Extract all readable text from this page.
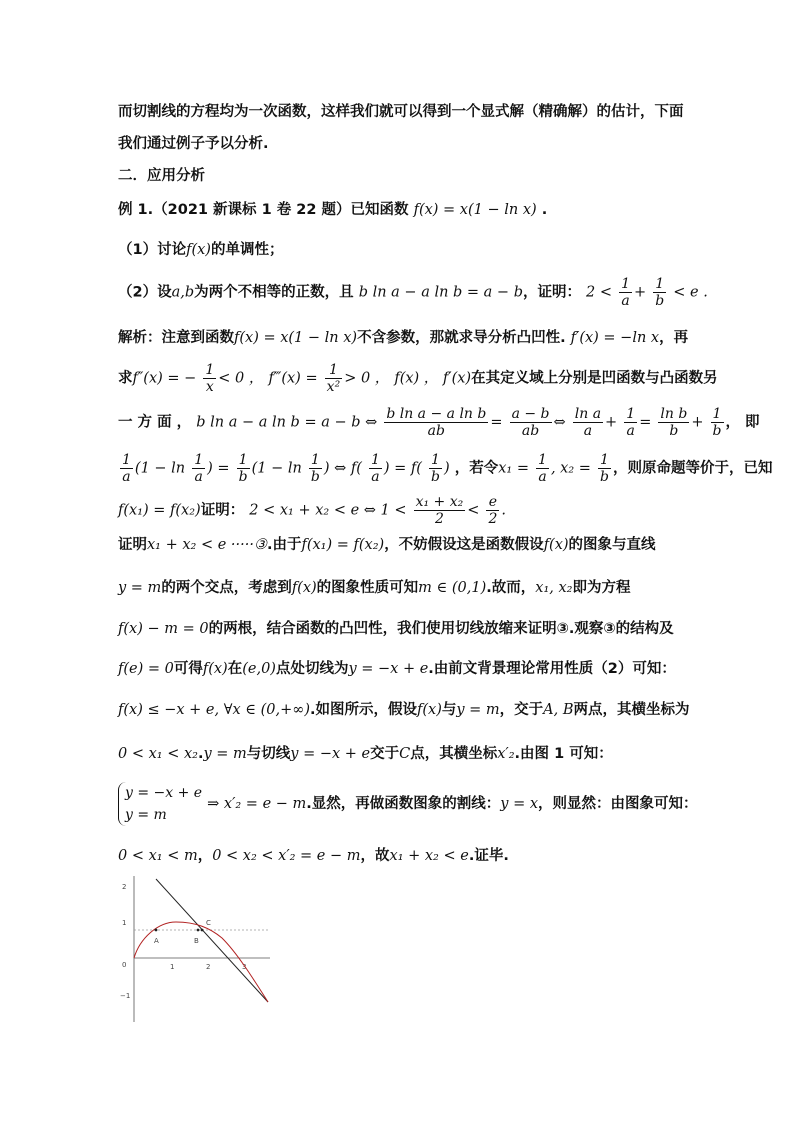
而切割线的方程均为一次函数，这样我们就可以得到一个显式解（精确解）的估计，下面
我们通过例子予以分析.
二．应用分析
例 1.（2021 新课标 1 卷 22 题）已知函数 f(x) = x(1 − ln x) .
（1）讨论f(x)的单调性；
（2）设a,b为两个不相等的正数，且 b ln a − a ln b = a − b，证明： $2 < \frac{1}{a} + \frac{1}{b} < e$ .
解析：注意到函数f(x) = x(1 − ln x)不含参数，那就求导分析凸凹性. f′(x) = −ln x，再
求f″(x) = − $\frac{1}{x} < 0$ ， f‴(x) = $\frac{1}{\text{x²}} > 0$ ， f(x) ， f′(x)在其定义域上分别是凹函数与凸函数另
一 方 面 ， b ln a − a ln b = a − b ⇔ $\frac{\text{b ln a − a ln b}}{ab} = \frac{a - b}{ab}$ ⇔ $\frac{\text{ln a}}{a} + \frac{1}{a} = \frac{\text{ln b}}{b} + \frac{1}{b}$ ， 即
$\frac{1}{a} (1 - \ln \frac{1}{a}$ ) = $\frac{1}{b} (1 - \ln \frac{1}{b}$ ) ⇔ $f( \frac{1}{a}$ ) = $f( \frac{1}{b}$ ) ，若令$x_1 = \frac{1}{a}$ , $x_2 = \frac{1}{b}$ ，则原命题等价于，已知
f(x₁) = f(x₂)证明： 2 < x₁ + x₂ < e ⇔ $1 < \frac{\text{x₁ + x₂}}{2} < \frac{e}{2}$ .
证明x₁ + x₂ < e ·····③.由于f(x₁) = f(x₂)，不妨假设这是函数假设f(x)的图象与直线
y = m的两个交点，考虑到f(x)的图象性质可知m ∈ (0,1).故而，x₁, x₂即为方程
f(x) − m = 0的两根，结合函数的凸凹性，我们使用切线放缩来证明③.观察③的结构及
f(e) = 0可得f(x)在(e,0)点处切线为y = −x + e.由前文背景理论常用性质（2）可知：
f(x) ≤ −x + e, ∀x ∈ (0,+∞).如图所示，假设f(x)与y = m，交于A, B两点，其横坐标为
0 < x₁ < x₂.y = m与切线y = −x + e交于C点，其横坐标x′₂.由图 1 可知：
y = −x + e
y = m ⇒ x′₂ = e − m.显然，再做函数图象的割线：y = x，则显然：由图象可知：
0 < x₁ < m，0 < x₂ < x′₂ = e − m，故x₁ + x₂ < e.证毕.
2
1
0
−1
1	2	3
A	B
C
